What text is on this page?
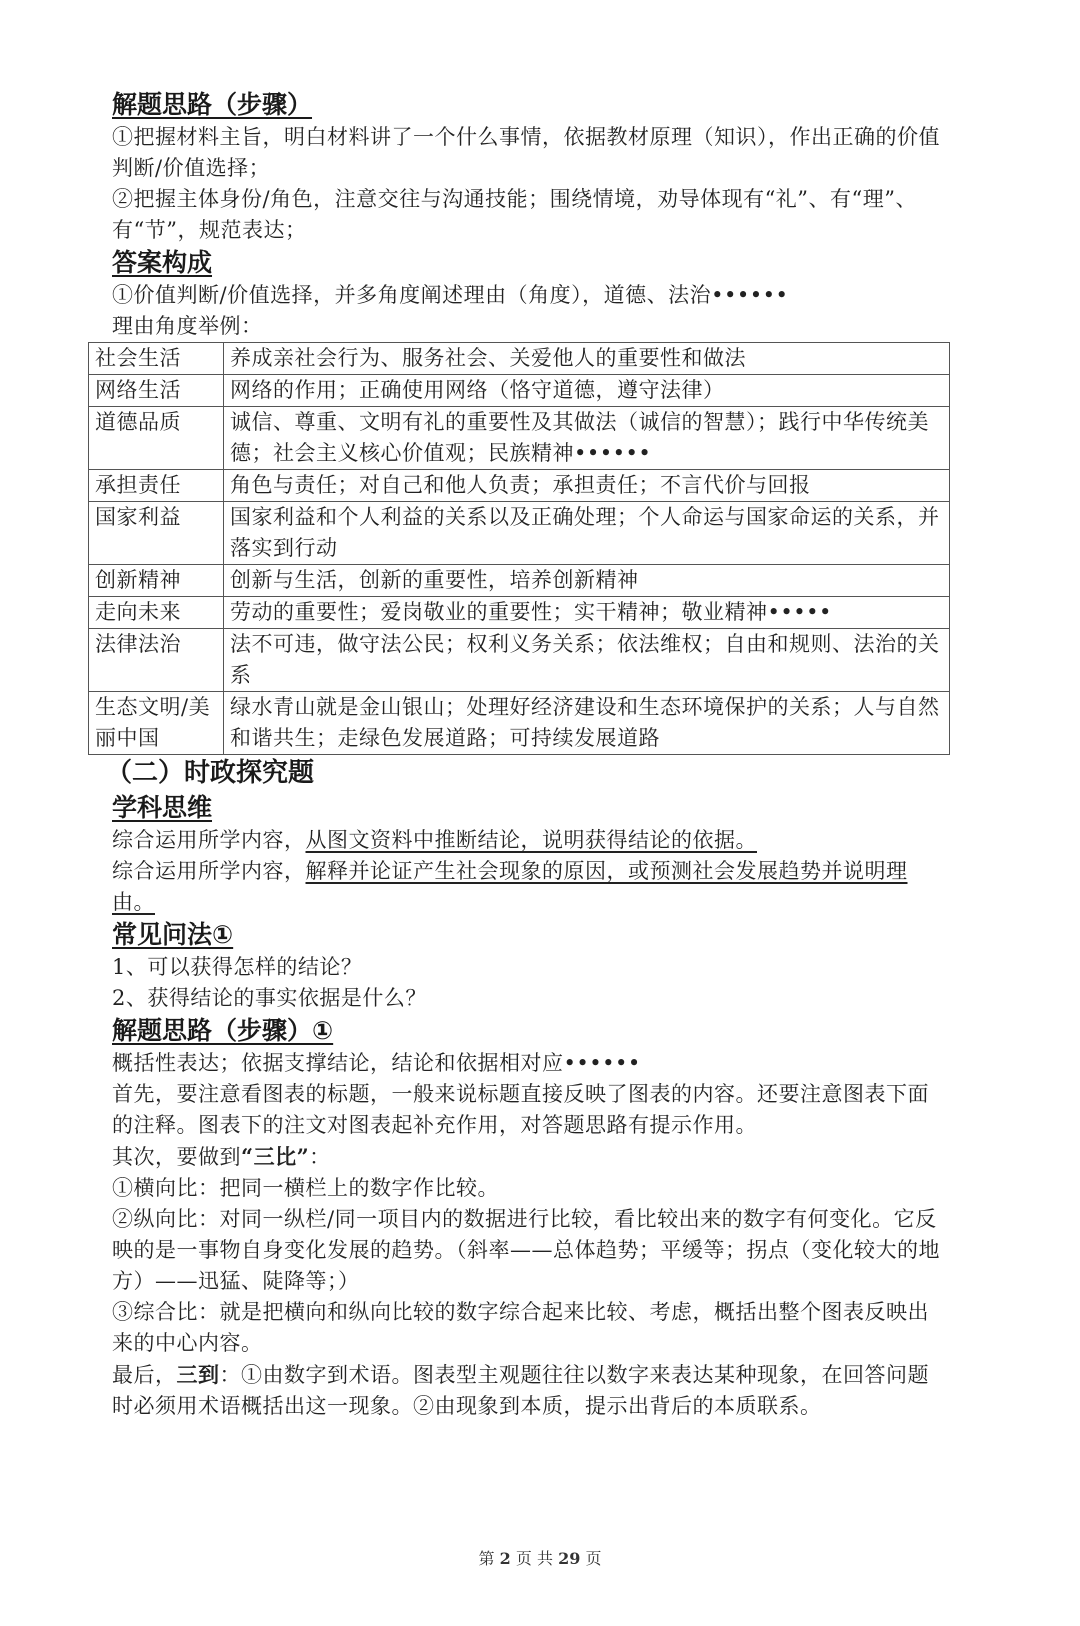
解题思路（步骤）

①把握材料主旨，明白材料讲了一个什么事情，依据教材原理（知识），作出正确的价值判断/价值选择；

②把握主体身份/角色，注意交往与沟通技能；围绕情境，劝导体现有“礼”、有“理”、有“节”，规范表达；

答案构成

①价值判断/价值选择，并多角度阐述理由（角度），道德、法治••••••

理由角度举例：

社会生活	养成亲社会行为、服务社会、关爱他人的重要性和做法
网络生活	网络的作用；正确使用网络（恪守道德，遵守法律）
道德品质	诚信、尊重、文明有礼的重要性及其做法（诚信的智慧）；践行中华传统美德；社会主义核心价值观；民族精神••••••
承担责任	角色与责任；对自己和他人负责；承担责任；不言代价与回报
国家利益	国家利益和个人利益的关系以及正确处理；个人命运与国家命运的关系，并落实到行动
创新精神	创新与生活，创新的重要性，培养创新精神
走向未来	劳动的重要性；爱岗敬业的重要性；实干精神；敬业精神•••••
法律法治	法不可违，做守法公民；权利义务关系；依法维权；自由和规则、法治的关系
生态文明/美丽中国	绿水青山就是金山银山；处理好经济建设和生态环境保护的关系；人与自然和谐共生；走绿色发展道路；可持续发展道路

（二）时政探究题

学科思维

综合运用所学内容，从图文资料中推断结论，说明获得结论的依据。

综合运用所学内容，解释并论证产生社会现象的原因，或预测社会发展趋势并说明理由。

常见问法①

1、可以获得怎样的结论？

2、获得结论的事实依据是什么？

解题思路（步骤）①

概括性表达；依据支撑结论，结论和依据相对应••••••

首先，要注意看图表的标题，一般来说标题直接反映了图表的内容。还要注意图表下面的注释。图表下的注文对图表起补充作用，对答题思路有提示作用。

其次，要做到“三比”：

①横向比：把同一横栏上的数字作比较。

②纵向比：对同一纵栏/同一项目内的数据进行比较，看比较出来的数字有何变化。它反映的是一事物自身变化发展的趋势。（斜率——总体趋势；平缓等；拐点（变化较大的地方）——迅猛、陡降等；）

③综合比：就是把横向和纵向比较的数字综合起来比较、考虑，概括出整个图表反映出来的中心内容。

最后，三到：①由数字到术语。图表型主观题往往以数字来表达某种现象，在回答问题时必须用术语概括出这一现象。②由现象到本质，提示出背后的本质联系。

第 2 页 共 29 页
